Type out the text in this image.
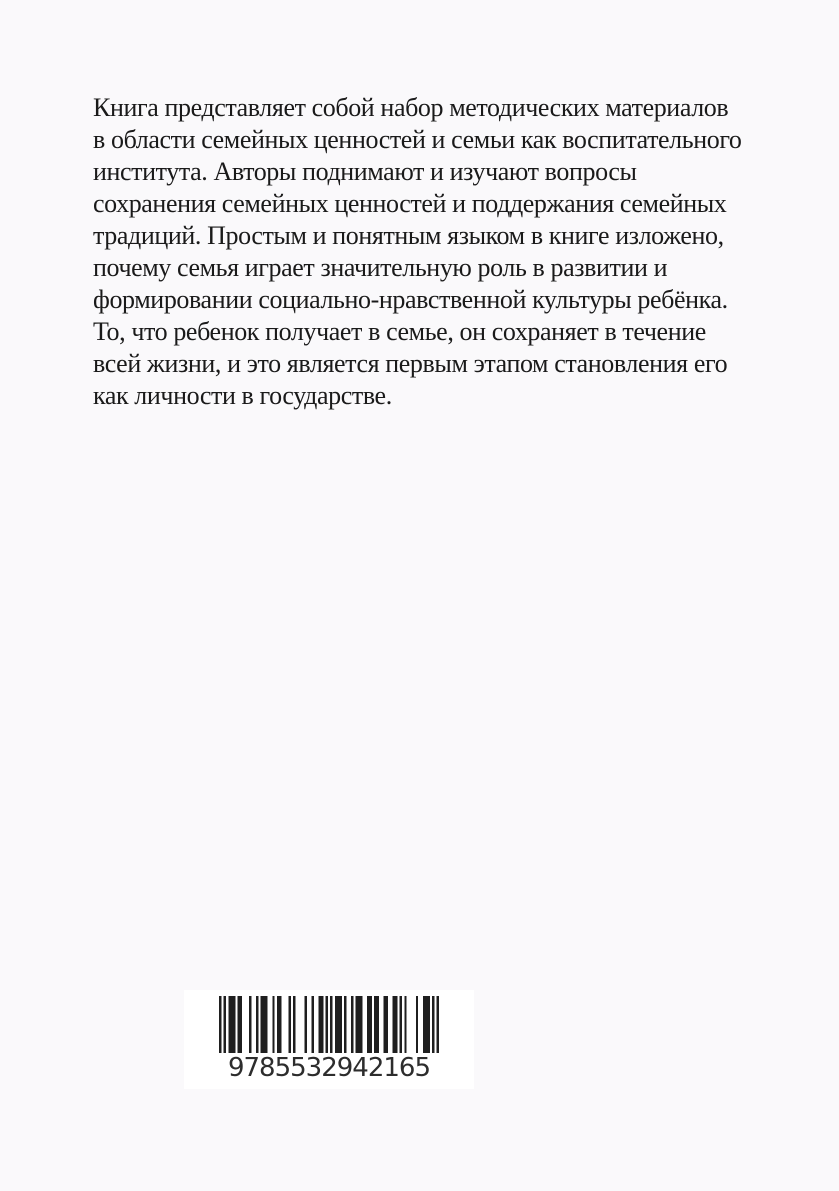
Книга представляет собой набор методических материалов
в области семейных ценностей и семьи как воспитательного
института. Авторы поднимают и изучают вопросы
сохранения семейных ценностей и поддержания семейных
традиций. Простым и понятным языком в книге изложено,
почему семья играет значительную роль в развитии и
формировании социально-нравственной культуры ребёнка.
То, что ребенок получает в семье, он сохраняет в течение
всей жизни, и это является первым этапом становления его
как личности в государстве.
9785532942165
